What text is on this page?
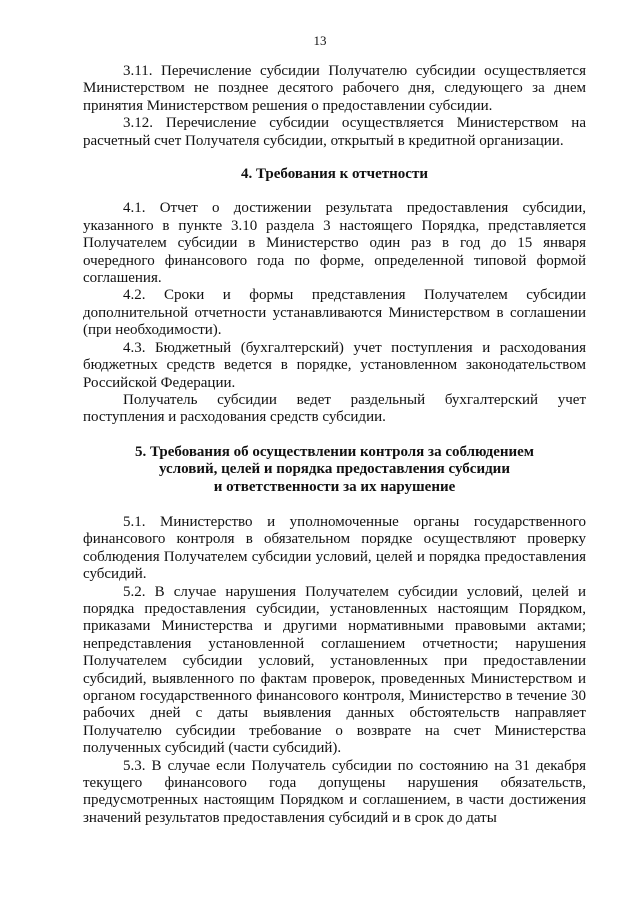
13

3.11. Перечисление субсидии Получателю субсидии осуществляется Министерством не позднее десятого рабочего дня, следующего за днем принятия Министерством решения о предоставлении субсидии.

3.12. Перечисление субсидии осуществляется Министерством на расчетный счет Получателя субсидии, открытый в кредитной организации.

4. Требования к отчетности

4.1. Отчет о достижении результата предоставления субсидии, указанного в пункте 3.10 раздела 3 настоящего Порядка, представляется Получателем субсидии в Министерство один раз в год до 15 января очередного финансового года по форме, определенной типовой формой соглашения.

4.2. Сроки и формы представления Получателем субсидии дополнительной отчетности устанавливаются Министерством в соглашении (при необходимости).

4.3. Бюджетный (бухгалтерский) учет поступления и расходования бюджетных средств ведется в порядке, установленном законодательством Российской Федерации.

Получатель субсидии ведет раздельный бухгалтерский учет поступления и расходования средств субсидии.

5. Требования об осуществлении контроля за соблюдением
условий, целей и порядка предоставления субсидии
и ответственности за их нарушение

5.1. Министерство и уполномоченные органы государственного финансового контроля в обязательном порядке осуществляют проверку соблюдения Получателем субсидии условий, целей и порядка предоставления субсидий.

5.2. В случае нарушения Получателем субсидии условий, целей и порядка предоставления субсидии, установленных настоящим Порядком, приказами Министерства и другими нормативными правовыми актами; непредставления установленной соглашением отчетности; нарушения Получателем субсидии условий, установленных при предоставлении субсидий, выявленного по фактам проверок, проведенных Министерством и органом государственного финансового контроля, Министерство в течение 30 рабочих дней с даты выявления данных обстоятельств направляет Получателю субсидии требование о возврате на счет Министерства полученных субсидий (части субсидий).

5.3. В случае если Получатель субсидии по состоянию на 31 декабря текущего финансового года допущены нарушения обязательств, предусмотренных настоящим Порядком и соглашением, в части достижения значений результатов предоставления субсидий и в срок до даты
